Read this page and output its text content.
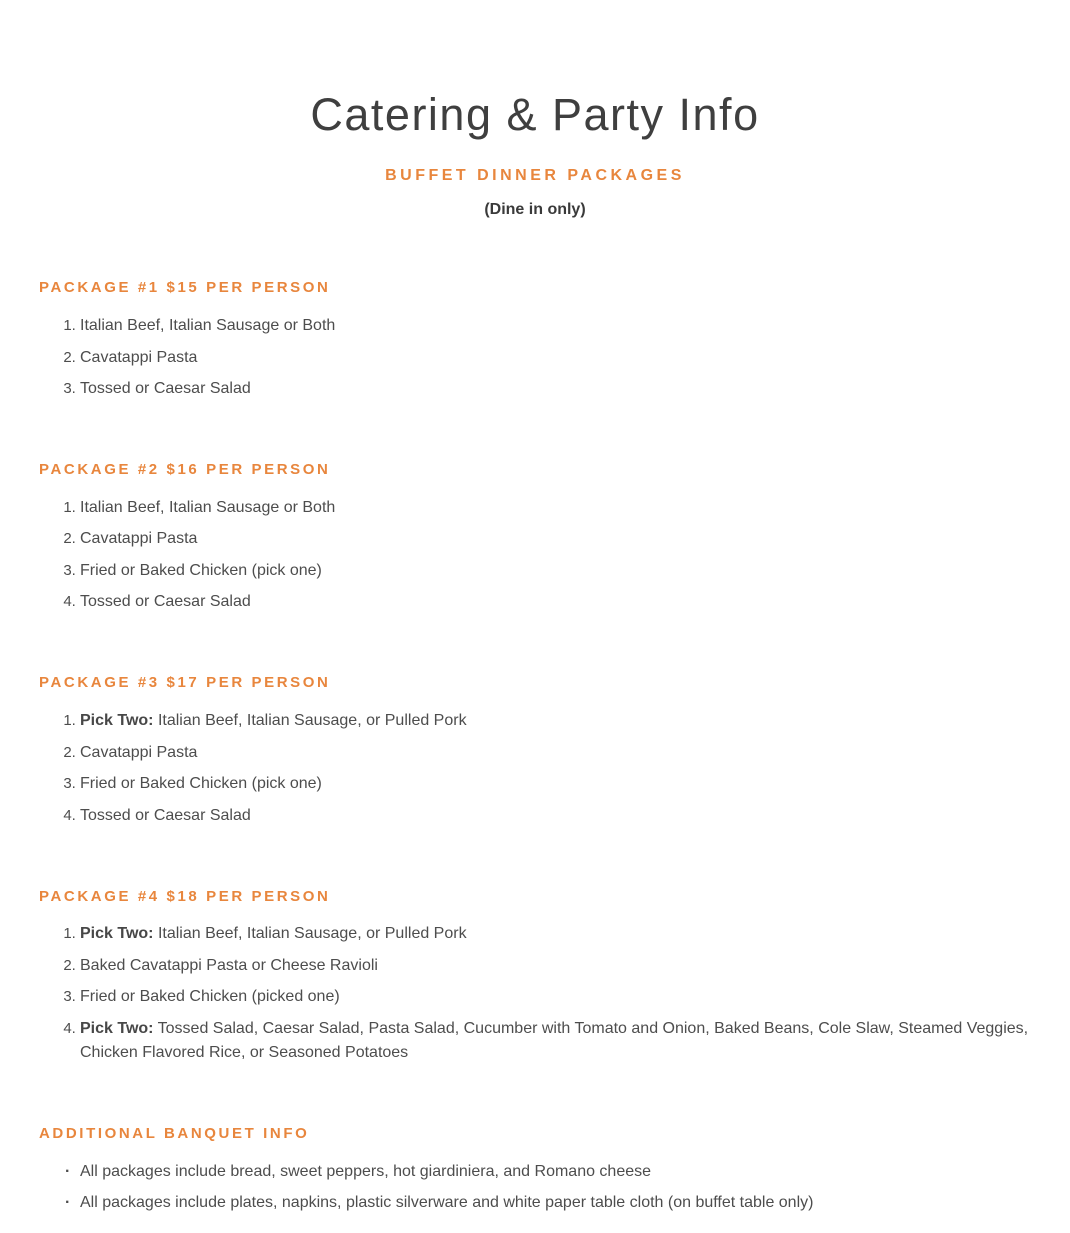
Catering & Party Info
BUFFET DINNER PACKAGES

(Dine in only)

PACKAGE #1 $15 PER PERSON
1. Italian Beef, Italian Sausage or Both
2. Cavatappi Pasta
3. Tossed or Caesar Salad
PACKAGE #2 $16 PER PERSON
1. Italian Beef, Italian Sausage or Both
2. Cavatappi Pasta
3. Fried or Baked Chicken (pick one)
4. Tossed or Caesar Salad
PACKAGE #3 $17 PER PERSON
1. Pick Two: Italian Beef, Italian Sausage, or Pulled Pork
2. Cavatappi Pasta
3. Fried or Baked Chicken (pick one)
4. Tossed or Caesar Salad
PACKAGE #4 $18 PER PERSON
1. Pick Two: Italian Beef, Italian Sausage, or Pulled Pork
2. Baked Cavatappi Pasta or Cheese Ravioli
3. Fried or Baked Chicken (picked one)
4. Pick Two: Tossed Salad, Caesar Salad, Pasta Salad, Cucumber with Tomato and Onion, Baked Beans, Cole Slaw, Steamed Veggies, Chicken Flavored Rice, or Seasoned Potatoes
ADDITIONAL BANQUET INFO
· All packages include bread, sweet peppers, hot giardiniera, and Romano cheese
· All packages include plates, napkins, plastic silverware and white paper table cloth (on buffet table only)
